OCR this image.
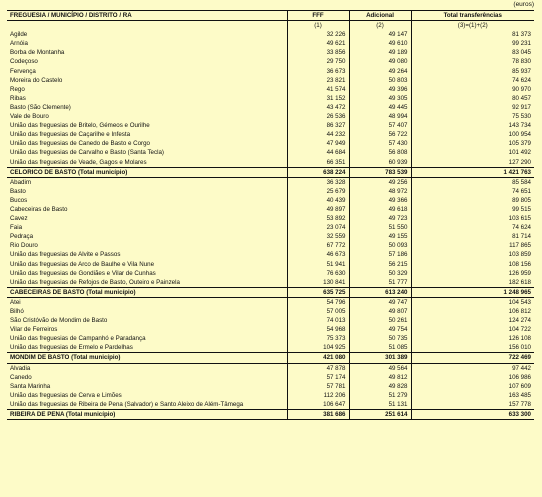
(euros)
FREGUESIA / MUNICÍPIO / DISTRITO / RA	FFF	Adicional	Total transferências
	(1)	(2)	(3)=(1)+(2)
Agilde	32 226	49 147	81 373
Arnóia	49 621	49 610	99 231
Borba de Montanha	33 856	49 189	83 045
Codeçoso	29 750	49 080	78 830
Fervença	36 673	49 264	85 937
Moreira do Castelo	23 821	50 803	74 624
Rego	41 574	49 396	90 970
Ribas	31 152	49 305	80 457
Basto (São Clemente)	43 472	49 445	92 917
Vale de Bouro	26 536	48 994	75 530
União das freguesias de Britelo, Gémeos e Ourilhe	86 327	57 407	143 734
União das freguesias de Caçarilhe e Infesta	44 232	56 722	100 954
União das freguesias de Canedo de Basto e Corgo	47 949	57 430	105 379
União das freguesias de Carvalho e Basto (Santa Tecla)	44 684	56 808	101 492
União das freguesias de Veade, Gagos e Molares	66 351	60 939	127 290
CELORICO DE BASTO (Total município)	638 224	783 539	1 421 763
Abadim	36 328	49 256	85 584
Basto	25 679	48 972	74 651
Bucos	40 439	49 366	89 805
Cabeceiras de Basto	49 897	49 618	99 515
Cavez	53 892	49 723	103 615
Faia	23 074	51 550	74 624
Pedraça	32 559	49 155	81 714
Rio Douro	67 772	50 093	117 865
União das freguesias de Alvite e Passos	46 673	57 186	103 859
União das freguesias de Arco de Baulhe e Vila Nune	51 941	56 215	108 156
União das freguesias de Gondiães e Vilar de Cunhas	76 630	50 329	126 959
União das freguesias de Refojos de Basto, Outeiro e Painzela	130 841	51 777	182 618
CABECEIRAS DE BASTO (Total município)	635 725	613 240	1 248 965
Atei	54 796	49 747	104 543
Bilhó	57 005	49 807	106 812
São Cristóvão de Mondim de Basto	74 013	50 261	124 274
Vilar de Ferreiros	54 968	49 754	104 722
União das freguesias de Campanhó e Paradança	75 373	50 735	126 108
União das freguesias de Ermelo e Pardelhas	104 925	51 085	156 010
MONDIM DE BASTO (Total município)	421 080	301 389	722 469
Alvadia	47 878	49 564	97 442
Canedo	57 174	49 812	106 986
Santa Marinha	57 781	49 828	107 609
União das freguesias de Cerva e Limões	112 206	51 279	163 485
União das freguesias de Ribeira de Pena (Salvador) e Santo Aleixo de Além-Tâmega	106 647	51 131	157 778
RIBEIRA DE PENA (Total município)	381 686	251 614	633 300
